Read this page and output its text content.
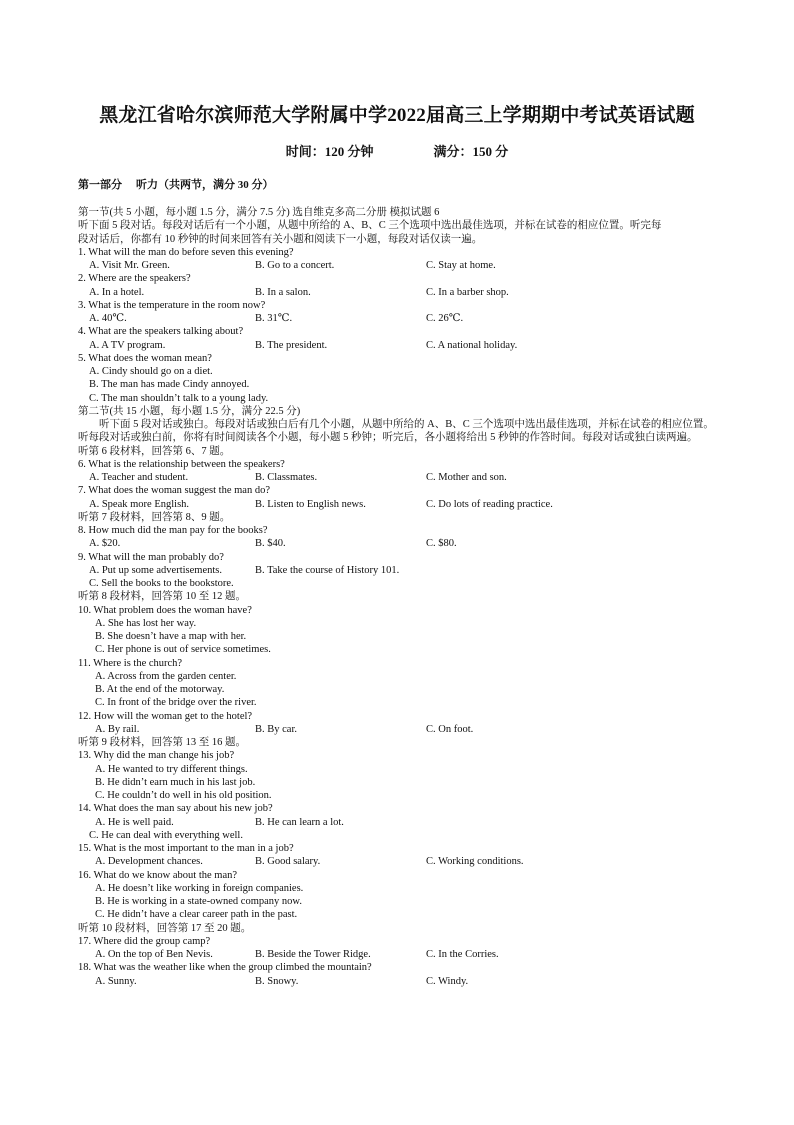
黑龙江省哈尔滨师范大学附属中学2022届高三上学期期中考试英语试题
时间：120 分钟	满分：150 分
第一部分 听力（共两节，满分 30 分）
第一节(共 5 小题，每小题 1.5 分，满分 7.5 分) 选自维克多高二分册 模拟试题 6
听下面 5 段对话。每段对话后有一个小题，从题中所给的 A、B、C 三个选项中选出最佳选项，并标在试卷的相应位置。听完每
段对话后，你都有 10 秒钟的时间来回答有关小题和阅读下一小题，每段对话仅读一遍。
1. What will the man do before seven this evening?
A. Visit Mr. Green.	B. Go to a concert.	C. Stay at home.
2. Where are the speakers?
A. In a hotel.	B. In a salon.	C. In a barber shop.
3. What is the temperature in the room now?
A. 40℃.	B. 31℃.	C. 26℃.
4. What are the speakers talking about?
A. A TV program.	B. The president.	C. A national holiday.
5. What does the woman mean?
A. Cindy should go on a diet.
B. The man has made Cindy annoyed.
C. The man shouldn’t talk to a young lady.
第二节(共 15 小题，每小题 1.5 分，满分 22.5 分)
听下面 5 段对话或独白。每段对话或独白后有几个小题，从题中所给的 A、B、C 三个选项中选出最佳选项，并标在试卷的相应位置。听每段对话或独白前，你将有时间阅读各个小题，每小题 5 秒钟；听完后，各小题将给出 5 秒钟的作答时间。每段对话或独白读两遍。
听第 6 段材料，回答第 6、7 题。
6. What is the relationship between the speakers?
A. Teacher and student.	B. Classmates.	C. Mother and son.
7. What does the woman suggest the man do?
A. Speak more English.	B. Listen to English news.	C. Do lots of reading practice.
听第 7 段材料，回答第 8、9 题。
8. How much did the man pay for the books?
A. $20.	B. $40.	C. $80.
9. What will the man probably do?
A. Put up some advertisements.	B. Take the course of History 101.
C. Sell the books to the bookstore.
听第 8 段材料，回答第 10 至 12 题。
10. What problem does the woman have?
A. She has lost her way.
B. She doesn’t have a map with her.
C. Her phone is out of service sometimes.
11. Where is the church?
A. Across from the garden center.
B. At the end of the motorway.
C. In front of the bridge over the river.
12. How will the woman get to the hotel?
A. By rail.	B. By car.	C. On foot.
听第 9 段材料，回答第 13 至 16 题。
13. Why did the man change his job?
A. He wanted to try different things.
B. He didn’t earn much in his last job.
C. He couldn’t do well in his old position.
14. What does the man say about his new job?
A. He is well paid.	B. He can learn a lot.
C. He can deal with everything well.
15. What is the most important to the man in a job?
A. Development chances.	B. Good salary.	C. Working conditions.
16. What do we know about the man?
A. He doesn’t like working in foreign companies.
B. He is working in a state-owned company now.
C. He didn’t have a clear career path in the past.
听第 10 段材料，回答第 17 至 20 题。
17. Where did the group camp?
A. On the top of Ben Nevis.	B. Beside the Tower Ridge.	C. In the Corries.
18. What was the weather like when the group climbed the mountain?
A. Sunny.	B. Snowy.	C. Windy.
